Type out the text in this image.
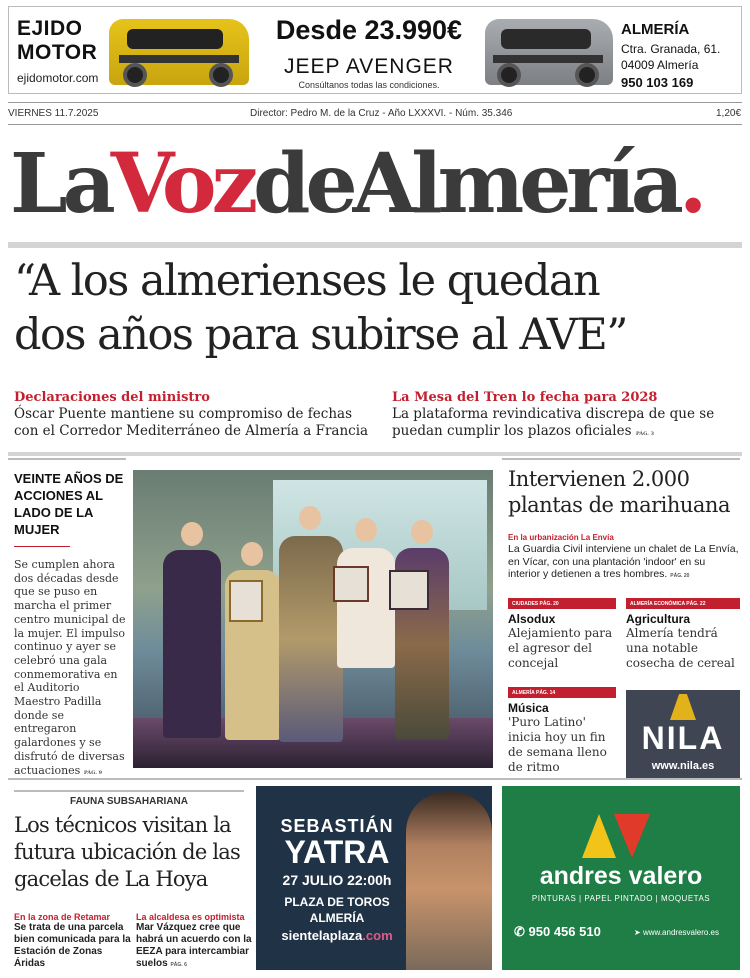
EJIDO
MOTOR
ejidomotor.com
Desde 23.990€
JEEP AVENGER
Consúltanos todas las condiciones.
ALMERÍA
Ctra. Granada, 61.
04009 Almería
950 103 169
VIERNES 11.7.2025	Director: Pedro M. de la Cruz - Año LXXXVI. - Núm. 35.346	1,20€
LaVozdeAlmería.
“A los almerienses le quedan
dos años para subirse al AVE”
Declaraciones del ministro
Óscar Puente mantiene su compromiso de fechas con el Corredor Mediterráneo de Almería a Francia
La Mesa del Tren lo fecha para 2028
La plataforma revindicativa discrepa de que se puedan cumplir los plazos oficiales PÁG. 3
VEINTE AÑOS DE ACCIONES AL LADO DE LA MUJER
Se cumplen ahora dos décadas desde que se puso en marcha el primer centro municipal de la mujer. El impulso continuo y ayer se celebró una gala conmemorativa en el Auditorio Maestro Padilla donde se entregaron galardones y se disfrutó de diversas actuaciones PÁG. 9
Intervienen 2.000 plantas de marihuana
En la urbanización La Envía
La Guardia Civil interviene un chalet de La Envía, en Vícar, con una plantación 'indoor' en su interior y detienen a tres hombres. PÁG. 20
CIUDADES PÁG. 20
Alsodux
Alejamiento para el agresor del concejal
ALMERÍA ECONÓMICA PÁG. 22
Agricultura
Almería tendrá una notable cosecha de cereal
ALMERÍA PÁG. 14
Música
'Puro Latino' inicia hoy un fin de semana lleno de ritmo
NILA
www.nila.es
FAUNA SUBSAHARIANA
Los técnicos visitan la futura ubicación de las gacelas de La Hoya
En la zona de Retamar
Se trata de una parcela bien comunicada para la Estación de Zonas Áridas
La alcaldesa es optimista
Mar Vázquez cree que habrá un acuerdo con la EEZA para intercambiar suelos PÁG. 6
SEBASTIÁN
YATRA
27 JULIO 22:00h
PLAZA DE TOROS
ALMERÍA
sientelaplaza.com
andres valero
PINTURAS | PAPEL PINTADO | MOQUETAS
✆ 950 456 510	➤ www.andresvalero.es
